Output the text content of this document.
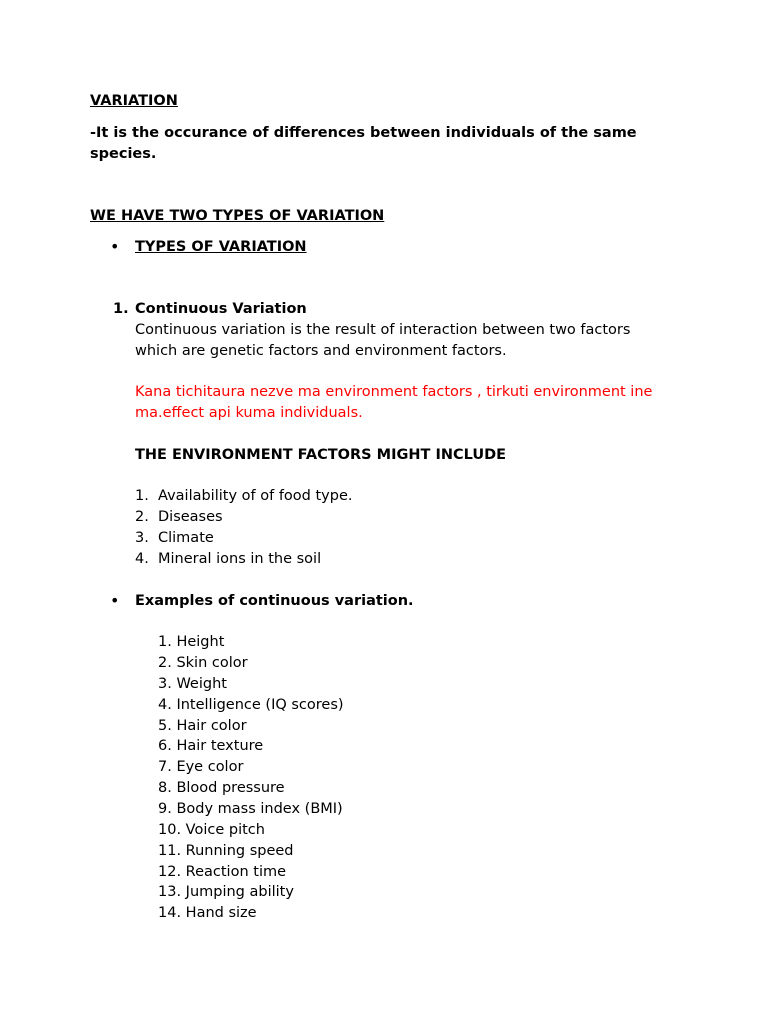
VARIATION
-It is the occurance of differences between individuals of the same
species.
WE HAVE TWO TYPES OF VARIATION
• TYPES OF VARIATION
1. Continuous Variation
Continuous variation is the result of interaction between two factors
which are genetic factors and environment factors.
Kana tichitaura nezve ma environment factors , tirkuti environment ine
ma.effect api kuma individuals.
THE ENVIRONMENT FACTORS MIGHT INCLUDE
1. Availability of of food type.
2. Diseases
3. Climate
4. Mineral ions in the soil
• Examples of continuous variation.
1. Height
2. Skin color
3. Weight
4. Intelligence (IQ scores)
5. Hair color
6. Hair texture
7. Eye color
8. Blood pressure
9. Body mass index (BMI)
10. Voice pitch
11. Running speed
12. Reaction time
13. Jumping ability
14. Hand size
